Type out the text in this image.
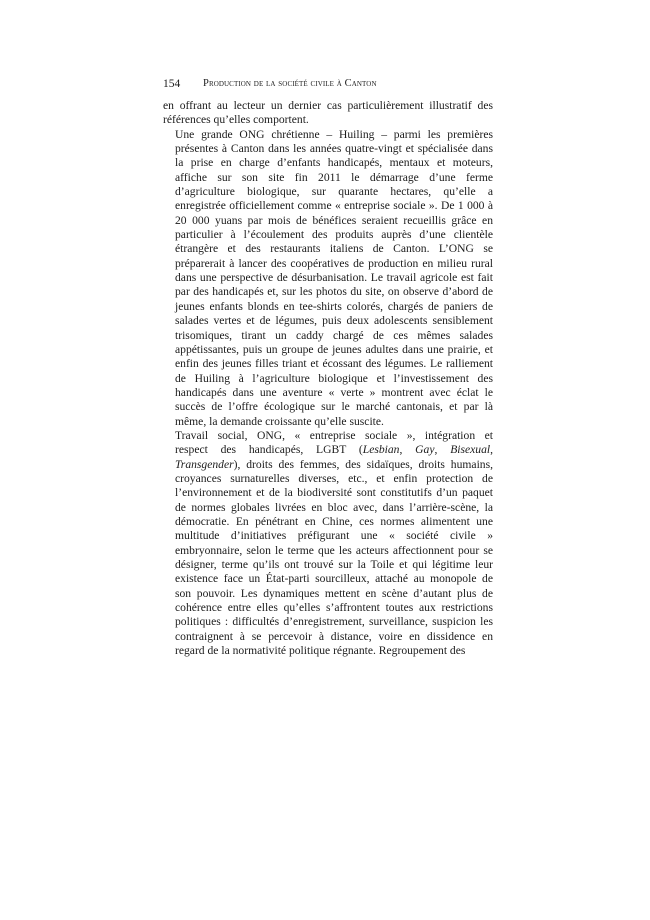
154 Production de la société civile à Canton

en offrant au lecteur un dernier cas particulièrement illustratif des
références qu’elles comportent.

Une grande ONG chrétienne – Huiling – parmi les premières
présentes à Canton dans les années quatre-vingt et spécialisée dans
la prise en charge d’enfants handicapés, mentaux et moteurs,
affiche sur son site fin 2011 le démarrage d’une ferme
d’agriculture biologique, sur quarante hectares, qu’elle a
enregistrée officiellement comme « entreprise sociale ». De 1 000 à
20 000 yuans par mois de bénéfices seraient recueillis grâce en
particulier à l’écoulement des produits auprès d’une clientèle
étrangère et des restaurants italiens de Canton. L’ONG se
préparerait à lancer des coopératives de production en milieu rural
dans une perspective de désurbanisation. Le travail agricole est fait
par des handicapés et, sur les photos du site, on observe d’abord de
jeunes enfants blonds en tee-shirts colorés, chargés de paniers de
salades vertes et de légumes, puis deux adolescents sensiblement
trisomiques, tirant un caddy chargé de ces mêmes salades
appétissantes, puis un groupe de jeunes adultes dans une prairie, et
enfin des jeunes filles triant et écossant des légumes. Le ralliement
de Huiling à l’agriculture biologique et l’investissement des
handicapés dans une aventure « verte » montrent avec éclat le
succès de l’offre écologique sur le marché cantonais, et par là
même, la demande croissante qu’elle suscite.

Travail social, ONG, « entreprise sociale », intégration et
respect des handicapés, LGBT (Lesbian, Gay, Bisexual,
Transgender), droits des femmes, des sidaïques, droits humains,
croyances surnaturelles diverses, etc., et enfin protection de
l’environnement et de la biodiversité sont constitutifs d’un paquet
de normes globales livrées en bloc avec, dans l’arrière-scène, la
démocratie. En pénétrant en Chine, ces normes alimentent une
multitude d’initiatives préfigurant une « société civile »
embryonnaire, selon le terme que les acteurs affectionnent pour se
désigner, terme qu’ils ont trouvé sur la Toile et qui légitime leur
existence face un État-parti sourcilleux, attaché au monopole de
son pouvoir. Les dynamiques mettent en scène d’autant plus de
cohérence entre elles qu’elles s’affrontent toutes aux restrictions
politiques : difficultés d’enregistrement, surveillance, suspicion les
contraignent à se percevoir à distance, voire en dissidence en
regard de la normativité politique régnante. Regroupement des
